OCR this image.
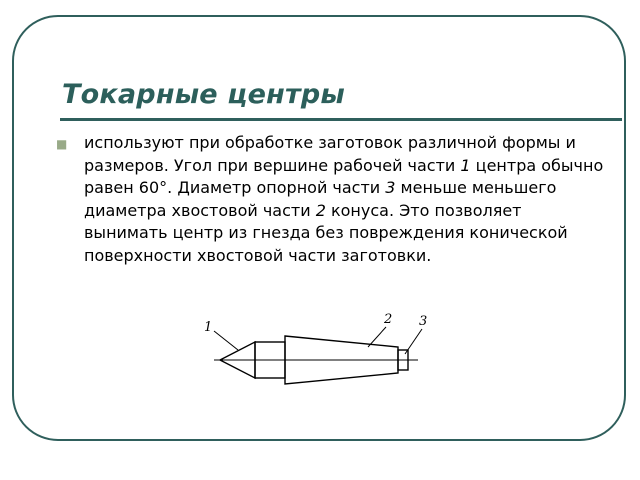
Токарные центры
■ используют при обработке заготовок различной формы и размеров. Угол при вершине рабочей части 1 центра обычно равен 60°. Диаметр опорной части 3 меньше меньшего диаметра хвостовой части 2 конуса. Это позволяет вынимать центр из гнезда без повреждения конической поверхности хвостовой части заготовки.

1
2 3
